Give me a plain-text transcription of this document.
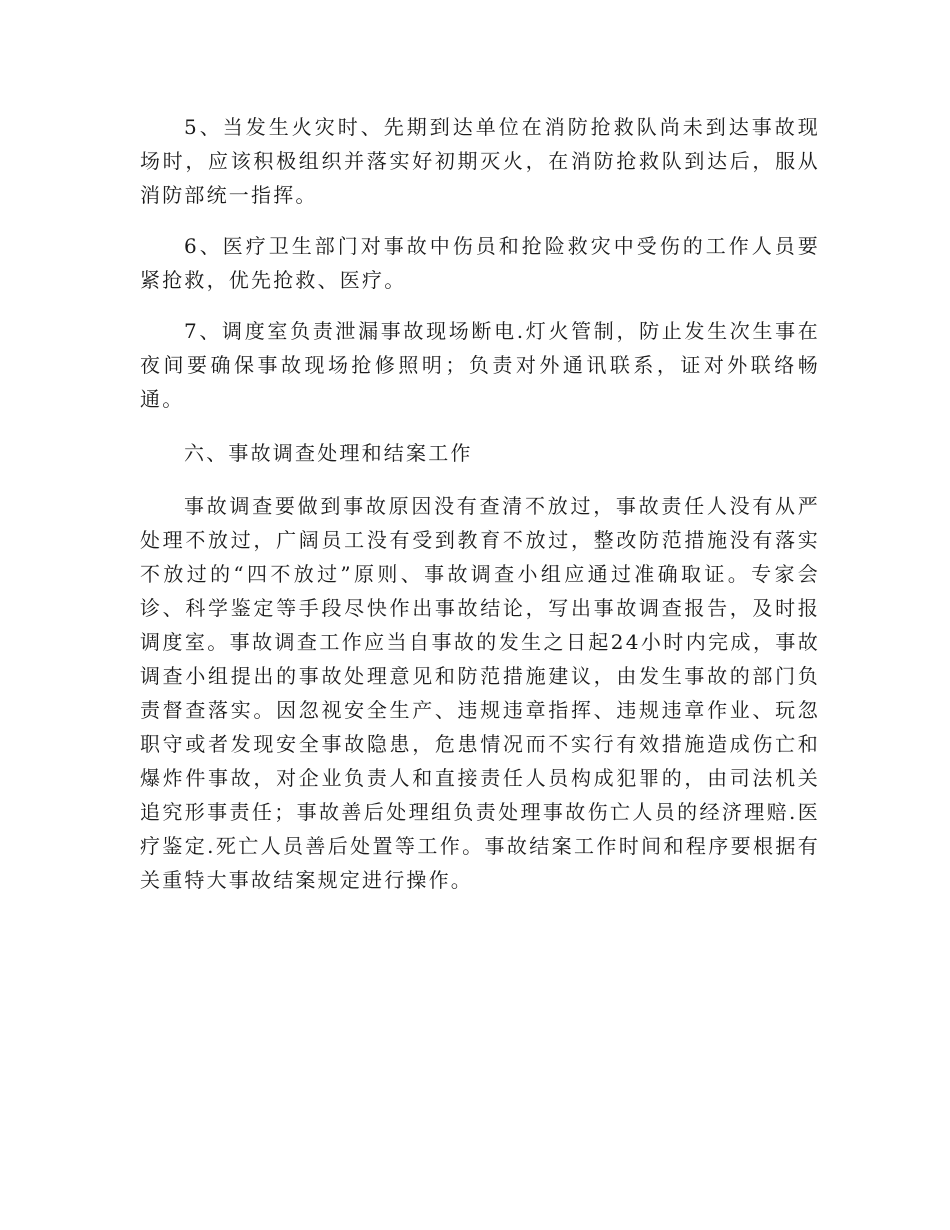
5、当发生火灾时、先期到达单位在消防抢救队尚未到达事故现场时，应该积极组织并落实好初期灭火，在消防抢救队到达后，服从消防部统一指挥。

6、医疗卫生部门对事故中伤员和抢险救灾中受伤的工作人员要紧抢救，优先抢救、医疗。

7、调度室负责泄漏事故现场断电.灯火管制，防止发生次生事在夜间要确保事故现场抢修照明；负责对外通讯联系，证对外联络畅通。

六、事故调查处理和结案工作

事故调查要做到事故原因没有查清不放过，事故责任人没有从严处理不放过，广阔员工没有受到教育不放过，整改防范措施没有落实不放过的“四不放过”原则、事故调查小组应通过准确取证。专家会诊、科学鉴定等手段尽快作出事故结论，写出事故调查报告，及时报调度室。事故调查工作应当自事故的发生之日起24小时内完成，事故调查小组提出的事故处理意见和防范措施建议，由发生事故的部门负责督查落实。因忽视安全生产、违规违章指挥、违规违章作业、玩忽职守或者发现安全事故隐患，危患情况而不实行有效措施造成伤亡和爆炸件事故，对企业负责人和直接责任人员构成犯罪的，由司法机关追究形事责任；事故善后处理组负责处理事故伤亡人员的经济理赔.医疗鉴定.死亡人员善后处置等工作。事故结案工作时间和程序要根据有关重特大事故结案规定进行操作。
